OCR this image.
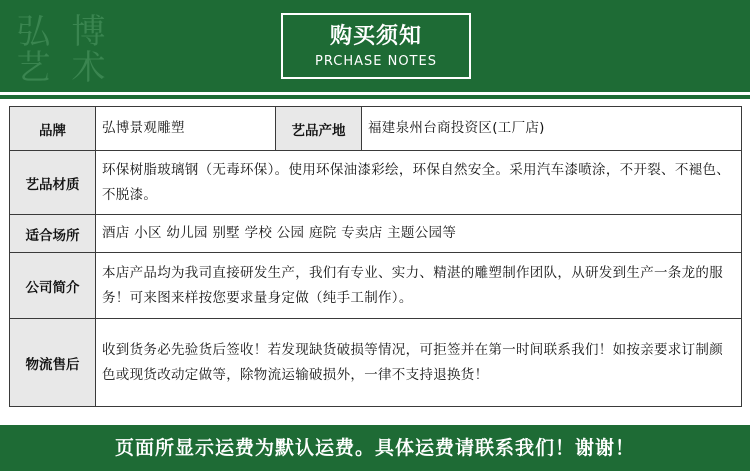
弘 博
艺 术
购买须知
PRCHASE NOTES
品牌	弘博景观雕塑	艺品产地	福建泉州台商投资区(工厂店)
艺品材质	环保树脂玻璃钢（无毒环保）。使用环保油漆彩绘，环保自然安全。采用汽车漆喷涂，不开裂、不褪色、不脱漆。		
适合场所	酒店 小区 幼儿园 别墅 学校 公园 庭院 专卖店 主题公园等		
公司简介	本店产品均为我司直接研发生产，我们有专业、实力、精湛的雕塑制作团队，从研发到生产一条龙的服务！可来图来样按您要求量身定做（纯手工制作）。		
物流售后	收到货务必先验货后签收！若发现缺货破损等情况，可拒签并在第一时间联系我们！如按亲要求订制颜色或现货改动定做等，除物流运输破损外，一律不支持退换货！		
页面所显示运费为默认运费。具体运费请联系我们！谢谢！
